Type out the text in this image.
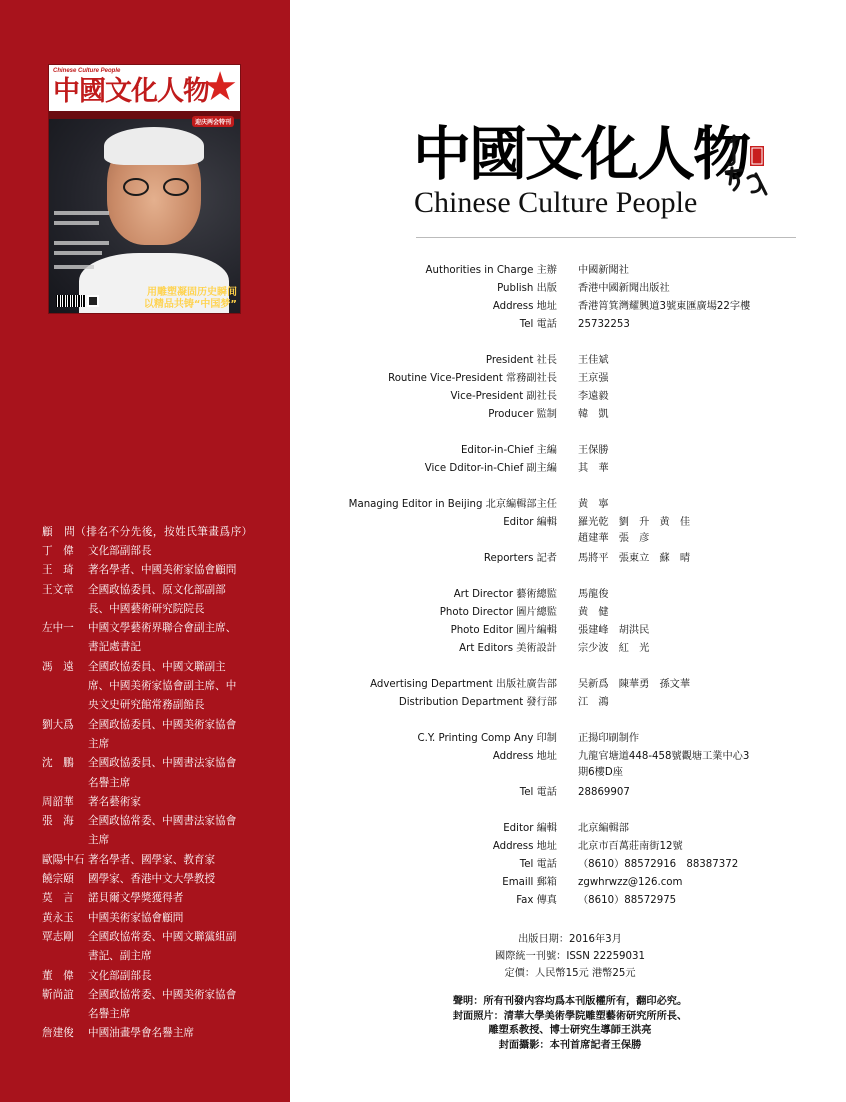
Chinese Culture People
中國文化人物
★
迎庆两会特刊
用雕塑凝固历史瞬间
以精品共铸“中国梦”
顧　問（排名不分先後，按姓氏筆畫爲序）
丁　偉	文化部副部長
王　琦	著名學者、中國美術家協會顧問
王文章	全國政協委員、原文化部副部
長、中國藝術研究院院長
左中一	中國文學藝術界聯合會副主席、
書記處書記
馮　遠	全國政協委員、中國文聯副主
席、中國美術家協會副主席、中
央文史研究館常務副館長
劉大爲	全國政協委員、中國美術家協會
主席
沈　鵬	全國政協委員、中國書法家協會
名譽主席
周韶華	著名藝術家
張　海	全國政協常委、中國書法家協會
主席
歐陽中石 著名學者、國學家、教育家
饒宗頤	國學家、香港中文大學教授
莫　言	諾貝爾文學獎獲得者
黄永玉	中國美術家協會顧問
覃志剛	全國政協常委、中國文聯黨組副
書記、副主席
董　偉	文化部副部長
靳尚誼	全國政協常委、中國美術家協會
名譽主席
詹建俊	中國油畫學會名譽主席
中國文化人物
Chinese Culture People
Authorities in Charge 主辦 中國新聞社
Publish 出版 香港中國新聞出版社
Address 地址 香港筲箕灣耀興道3號東匯廣場22字樓
Tel 電話 25732253
President 社長 王佳斌
Routine Vice-President 常務副社長 王京强
Vice-President 副社長 李遠毅
Producer 監制 韓　凱
Editor-in-Chief 主編 王保勝
Vice Dditor-in-Chief 副主編 其　華
Managing Editor in Beijing 北京編輯部主任 黄　寧
Editor 編輯 羅光乾　劉　升　黄　佳
趙建華　張　彦
Reporters 記者 馬將平　張東立　蘇　晴
Art Director 藝術總監 馬龍俊
Photo Director 圖片總監 黄　健
Photo Editor 圖片編輯 張建峰　胡洪民
Art Editors 美術設計 宗少波　紅　光
Advertising Department 出版社廣告部 吴新爲　陳華勇　孫文華
Distribution Department 發行部 江　鴻
C.Y. Printing Comp Any 印制 正揚印刷制作
Address 地址 九龍官塘道448-458號觀塘工業中心3
期6樓D座
Tel 電話 28869907
Editor 編輯 北京編輯部
Address 地址 北京市百萬莊南街12號
Tel 電話 （8610）88572916　88387372
Emaill 郵箱 zgwhrwzz@126.com
Fax 傳真 （8610）88572975
出版日期：2016年3月
國際統一刊號：ISSN 22259031
定價：人民幣15元 港幣25元
聲明：所有刊發内容均爲本刊版權所有，翻印必究。
封面照片：清華大學美術學院雕塑藝術研究所所長、
雕塑系教授、博士研究生導師王洪亮
封面攝影：本刊首席記者王保勝
